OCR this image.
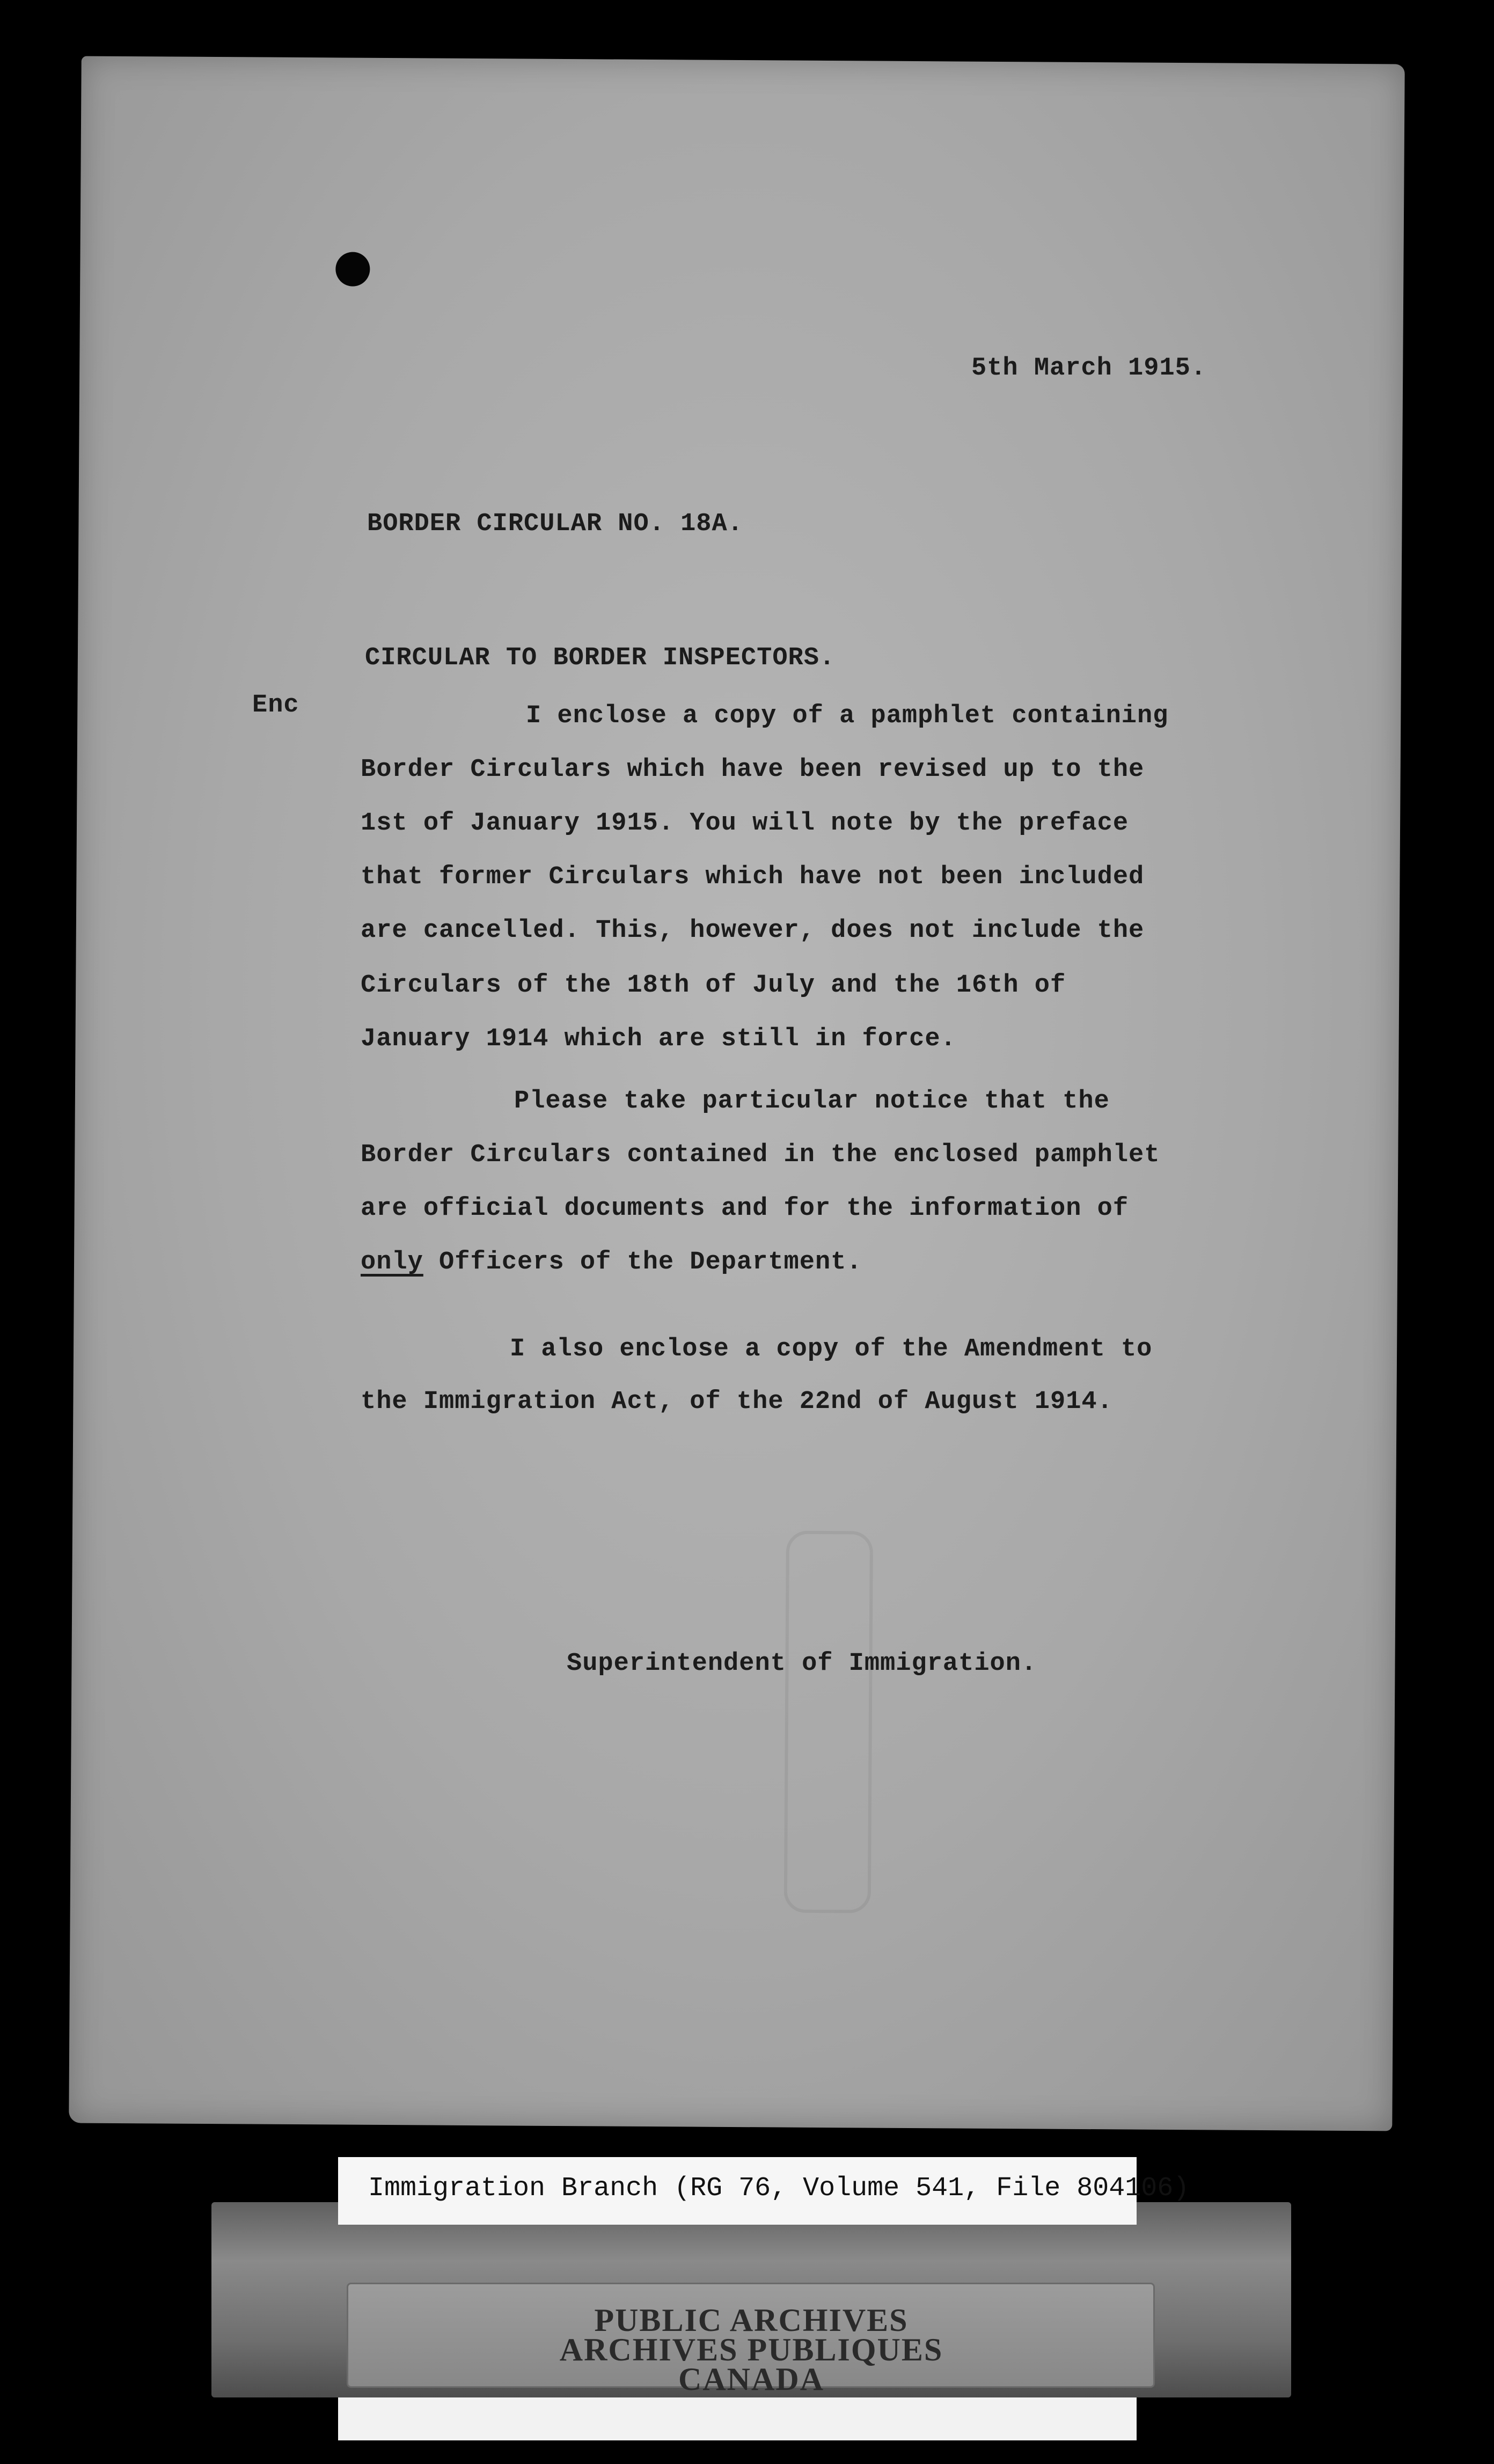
5th March 1915.
BORDER CIRCULAR NO. 18A.
CIRCULAR TO BORDER INSPECTORS.
Enc	I enclose a copy of a pamphlet containing
Border Circulars which have been revised up to the
1st of January 1915. You will note by the preface
that former Circulars which have not been included
are cancelled. This, however, does not include the
Circulars of the 18th of July and the 16th of
January 1914 which are still in force.
Please take particular notice that the
Border Circulars contained in the enclosed pamphlet
are official documents and for the information of
only Officers of the Department.
I also enclose a copy of the Amendment to
the Immigration Act, of the 22nd of August 1914.
Superintendent of Immigration.
Immigration Branch (RG 76, Volume 541, File 804106)
PUBLIC ARCHIVES
ARCHIVES PUBLIQUES
CANADA
